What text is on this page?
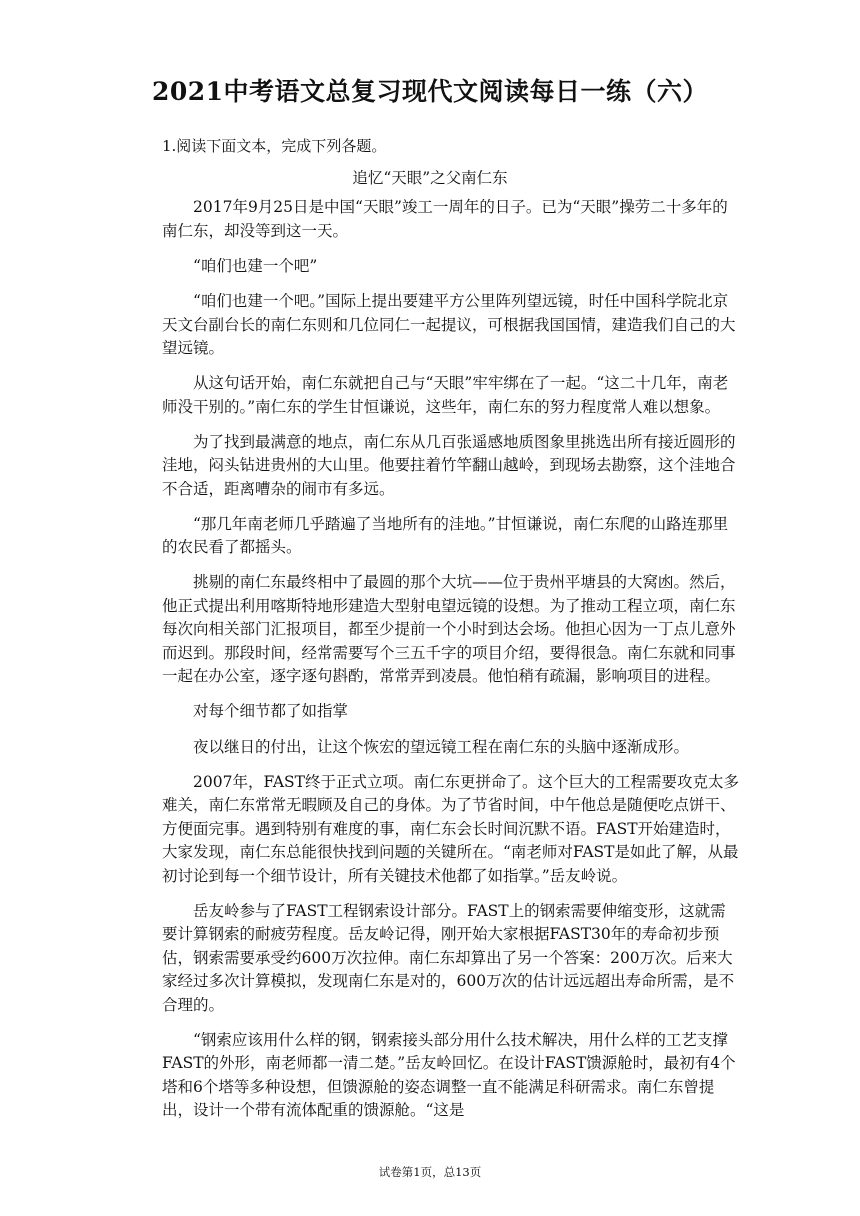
2021中考语文总复习现代文阅读每日一练（六）
1.阅读下面文本，完成下列各题。
追忆“天眼”之父南仁东

2017年9月25日是中国“天眼”竣工一周年的日子。已为“天眼”操劳二十多年的南仁东，却没等到这一天。

“咱们也建一个吧”

“咱们也建一个吧。”国际上提出要建平方公里阵列望远镜，时任中国科学院北京天文台副台长的南仁东则和几位同仁一起提议，可根据我国国情，建造我们自己的大望远镜。

从这句话开始，南仁东就把自己与“天眼”牢牢绑在了一起。“这二十几年，南老师没干别的。”南仁东的学生甘恒谦说，这些年，南仁东的努力程度常人难以想象。

为了找到最满意的地点，南仁东从几百张遥感地质图象里挑选出所有接近圆形的洼地，闷头钻进贵州的大山里。他要拄着竹竿翻山越岭，到现场去勘察，这个洼地合不合适，距离嘈杂的闹市有多远。

“那几年南老师几乎踏遍了当地所有的洼地。”甘恒谦说，南仁东爬的山路连那里的农民看了都摇头。

挑剔的南仁东最终相中了最圆的那个大坑——位于贵州平塘县的大窝凼。然后，他正式提出利用喀斯特地形建造大型射电望远镜的设想。为了推动工程立项，南仁东每次向相关部门汇报项目，都至少提前一个小时到达会场。他担心因为一丁点儿意外而迟到。那段时间，经常需要写个三五千字的项目介绍，要得很急。南仁东就和同事一起在办公室，逐字逐句斟酌，常常弄到凌晨。他怕稍有疏漏，影响项目的进程。

对每个细节都了如指掌

夜以继日的付出，让这个恢宏的望远镜工程在南仁东的头脑中逐渐成形。

2007年，FAST终于正式立项。南仁东更拼命了。这个巨大的工程需要攻克太多难关，南仁东常常无暇顾及自己的身体。为了节省时间，中午他总是随便吃点饼干、方便面完事。遇到特别有难度的事，南仁东会长时间沉默不语。FAST开始建造时，大家发现，南仁东总能很快找到问题的关键所在。“南老师对FAST是如此了解，从最初讨论到每一个细节设计，所有关键技术他都了如指掌。”岳友岭说。

岳友岭参与了FAST工程钢索设计部分。FAST上的钢索需要伸缩变形，这就需要计算钢索的耐疲劳程度。岳友岭记得，刚开始大家根据FAST30年的寿命初步预估，钢索需要承受约600万次拉伸。南仁东却算出了另一个答案：200万次。后来大家经过多次计算模拟，发现南仁东是对的，600万次的估计远远超出寿命所需，是不合理的。

“钢索应该用什么样的钢，钢索接头部分用什么技术解决，用什么样的工艺支撑FAST的外形，南老师都一清二楚。”岳友岭回忆。在设计FAST馈源舱时，最初有4个塔和6个塔等多种设想，但馈源舱的姿态调整一直不能满足科研需求。南仁东曾提出，设计一个带有流体配重的馈源舱。“这是

试卷第1页，总13页
